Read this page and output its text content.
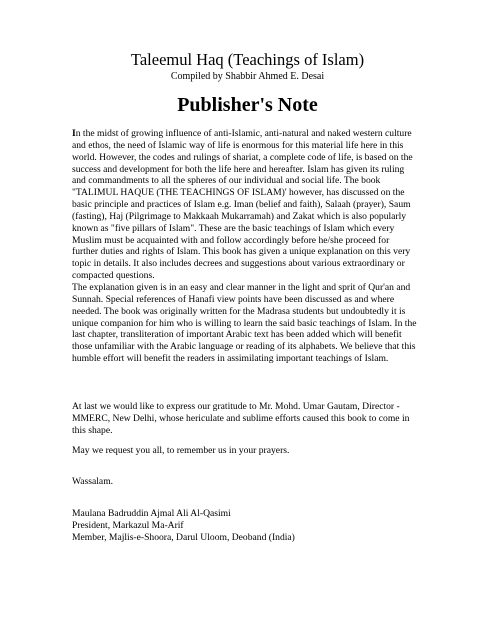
Taleemul Haq (Teachings of Islam)
Compiled by Shabbir Ahmed E. Desai
Publisher's Note
In the midst of growing influence of anti-Islamic, anti-natural and naked western culture
and ethos, the need of Islamic way of life is enormous for this material life here in this
world. However, the codes and rulings of shariat, a complete code of life, is based on the
success and development for both the life here and hereafter. Islam has given its ruling
and commandments to all the spheres of our individual and social life. The book
"TALIMUL HAQUE (THE TEACHINGS OF ISLAM)' however, has discussed on the
basic principle and practices of Islam e.g. Iman (belief and faith), Salaah (prayer), Saum
(fasting), Haj (Pilgrimage to Makkaah Mukarramah) and Zakat which is also popularly
known as "five pillars of Islam". These are the basic teachings of Islam which every
Muslim must be acquainted with and follow accordingly before he/she proceed for
further duties and rights of Islam. This book has given a unique explanation on this very
topic in details. It also includes decrees and suggestions about various extraordinary or
compacted questions.
The explanation given is in an easy and clear manner in the light and sprit of Qur'an and
Sunnah. Special references of Hanafi view points have been discussed as and where
needed. The book was originally written for the Madrasa students but undoubtedly it is
unique companion for him who is willing to learn the said basic teachings of Islam. In the
last chapter, transliteration of important Arabic text has been added which will benefit
those unfamiliar with the Arabic language or reading of its alphabets. We believe that this
humble effort will benefit the readers in assimilating important teachings of Islam.
At last we would like to express our gratitude to Mr. Mohd. Umar Gautam, Director -
MMERC, New Delhi, whose hericulate and sublime efforts caused this book to come in
this shape.
May we request you all, to remember us in your prayers.
Wassalam.
Maulana Badruddin Ajmal Ali Al-Qasimi
President, Markazul Ma-Arif
Member, Majlis-e-Shoora, Darul Uloom, Deoband (India)
